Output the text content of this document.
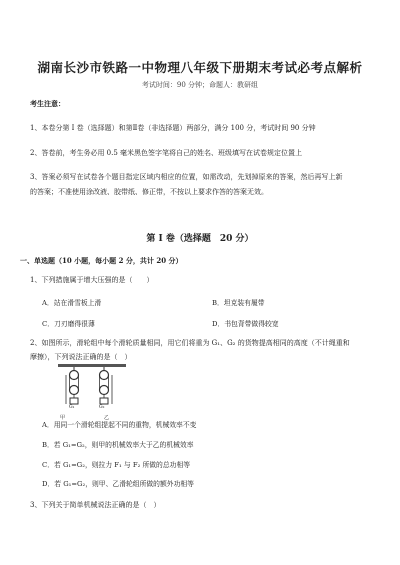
湖南长沙市铁路一中物理八年级下册期末考试必考点解析
考试时间：90 分钟；命题人：教研组
考生注意：
1、本卷分第 I 卷（选择题）和第Ⅱ卷（非选择题）两部分，满分 100 分，考试时间 90 分钟
2、答卷前，考生务必用 0.5 毫米黑色签字笔将自己的姓名、班级填写在试卷规定位置上
3、答案必须写在试卷各个题目指定区域内相应的位置，如需改动，先划掉原来的答案，然后再写上新
的答案；不准使用涂改液、胶带纸、修正带，不按以上要求作答的答案无效。
第 I 卷（选择题　20 分）
一、单选题（10 小题，每小题 2 分，共计 20 分）
1、下列措施属于增大压强的是（　　）
A．站在滑雪板上滑	B．坦克装有履带
C．刀刃磨得很薄	D．书包背带做得较宽
2、如图所示，滑轮组中每个滑轮质量相同，用它们将重为 G₁、G₂ 的货物提高相同的高度（不计绳重和
摩擦），下列说法正确的是（　）
甲	乙
G₁	G₂
A．用同一个滑轮组提起不同的重物，机械效率不变
B．若 G₁=G₂，则甲的机械效率大于乙的机械效率
C．若 G₁=G₂，则拉力 F₁ 与 F₂ 所做的总功相等
D．若 G₁=G₂，则甲、乙滑轮组所做的额外功相等
3、下列关于简单机械说法正确的是（　）
